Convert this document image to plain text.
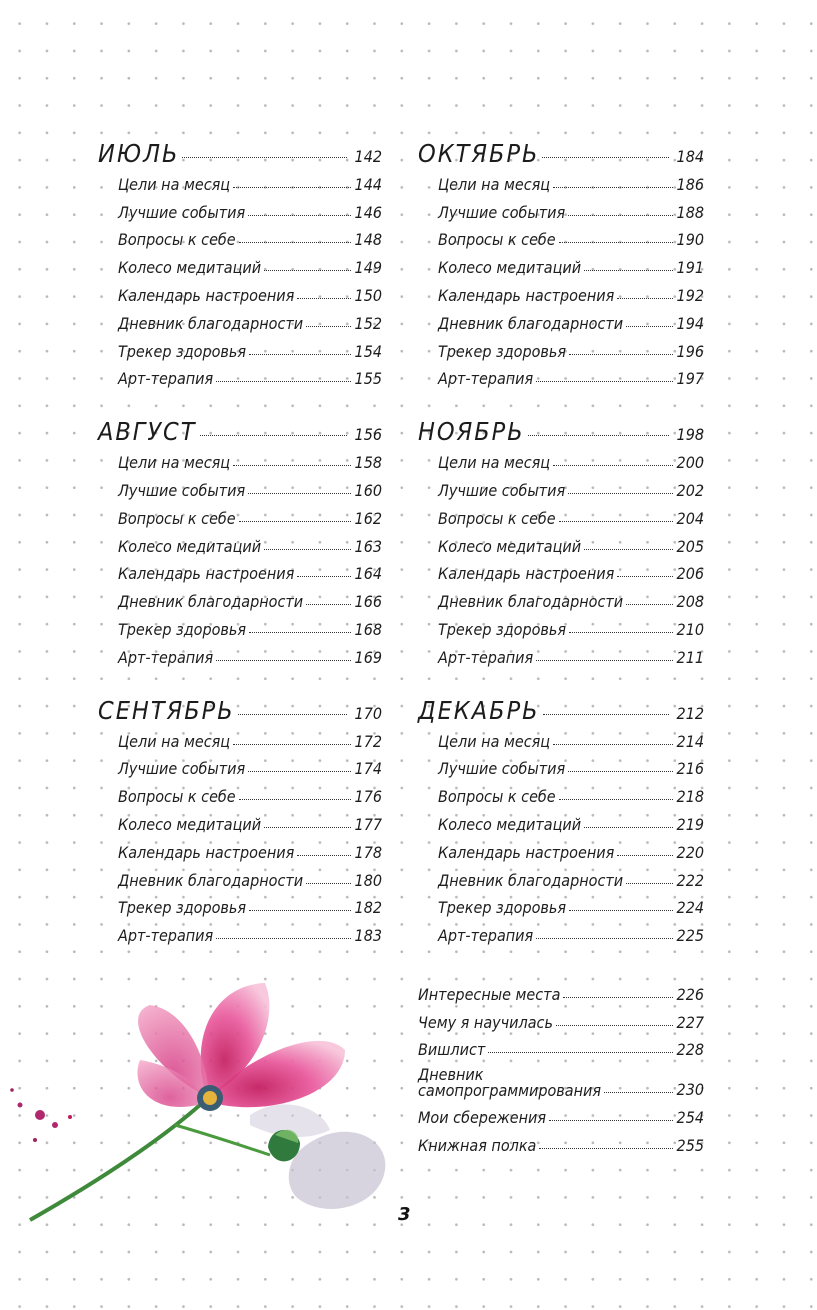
ИЮЛЬ	142
Цели на месяц	144
Лучшие события	146
Вопросы к себе	148
Колесо медитаций	149
Календарь настроения	150
Дневник благодарности	152
Трекер здоровья	154
Арт-терапия	155
АВГУСТ	156
Цели на месяц	158
Лучшие события	160
Вопросы к себе	162
Колесо медитаций	163
Календарь настроения	164
Дневник благодарности	166
Трекер здоровья	168
Арт-терапия	169
СЕНТЯБРЬ	170
Цели на месяц	172
Лучшие события	174
Вопросы к себе	176
Колесо медитаций	177
Календарь настроения	178
Дневник благодарности	180
Трекер здоровья	182
Арт-терапия	183
ОКТЯБРЬ	184
Цели на месяц	186
Лучшие события	188
Вопросы к себе	190
Колесо медитаций	191
Календарь настроения	192
Дневник благодарности	194
Трекер здоровья	196
Арт-терапия	197
НОЯБРЬ	198
Цели на месяц	200
Лучшие события	202
Вопросы к себе	204
Колесо медитаций	205
Календарь настроения	206
Дневник благодарности	208
Трекер здоровья	210
Арт-терапия	211
ДЕКАБРЬ	212
Цели на месяц	214
Лучшие события	216
Вопросы к себе	218
Колесо медитаций	219
Календарь настроения	220
Дневник благодарности	222
Трекер здоровья	224
Арт-терапия	225
Интересные места	226
Чему я научилась	227
Вишлист	228
Дневник
самопрограммирования	230
Мои сбережения	254
Книжная полка	255
3
